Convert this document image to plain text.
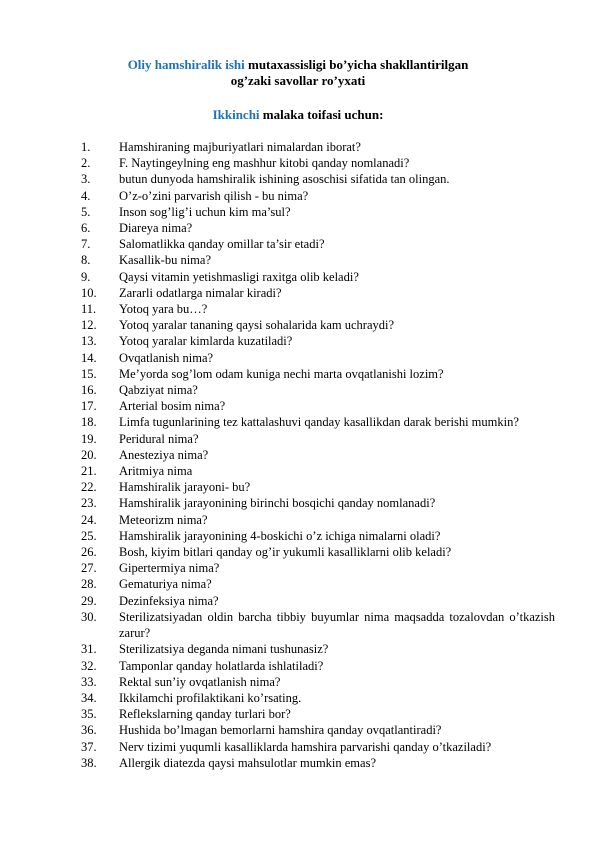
Oliy hamshiralik ishi mutaxassisligi bo’yicha shakllantirilgan
og’zaki savollar ro’yxati
Ikkinchi malaka toifasi uchun:
1.	Hamshiraning majburiyatlari nimalardan iborat?
2.	F. Naytingeylning eng mashhur kitobi qanday nomlanadi?
3.	butun dunyoda hamshiralik ishining asoschisi sifatida tan olingan.
4.	O’z-o’zini parvarish qilish - bu nima?
5.	Inson sog’lig’i uchun kim ma’sul?
6.	Diareya nima?
7.	Salomatlikka qanday omillar ta’sir etadi?
8.	Kasallik-bu nima?
9.	Qaysi vitamin yetishmasligi raxitga olib keladi?
10.	Zararli odatlarga nimalar kiradi?
11.	Yotoq yara bu…?
12.	Yotoq yaralar tananing qaysi sohalarida kam uchraydi?
13.	Yotoq yaralar kimlarda kuzatiladi?
14.	Ovqatlanish nima?
15.	Me’yorda sog’lom odam kuniga nechi marta ovqatlanishi lozim?
16.	Qabziyat nima?
17.	Arterial bosim nima?
18.	Limfa tugunlarining tez kattalashuvi qanday kasallikdan darak berishi mumkin?
19.	Peridural nima?
20.	Anesteziya nima?
21.	Aritmiya nima
22.	Hamshiralik jarayoni- bu?
23.	Hamshiralik jarayonining birinchi bosqichi qanday nomlanadi?
24.	Meteorizm nima?
25.	Hamshiralik jarayonining 4-boskichi o’z ichiga nimalarni oladi?
26.	Bosh, kiyim bitlari qanday og’ir yukumli kasalliklarni olib keladi?
27.	Gipertermiya nima?
28.	Gematuriya nima?
29.	Dezinfeksiya nima?
30.	Sterilizatsiyadan oldin barcha tibbiy buyumlar nima maqsadda tozalovdan o’tkazish zarur?
31.	Sterilizatsiya deganda nimani tushunasiz?
32.	Tamponlar qanday holatlarda ishlatiladi?
33.	Rektal sun’iy ovqatlanish nima?
34.	Ikkilamchi profilaktikani ko’rsating.
35.	Reflekslarning qanday turlari bor?
36.	Hushida bo’lmagan bemorlarni hamshira qanday ovqatlantiradi?
37.	Nerv tizimi yuqumli kasalliklarda hamshira parvarishi qanday o’tkaziladi?
38.	Allergik diatezda qaysi mahsulotlar mumkin emas?
